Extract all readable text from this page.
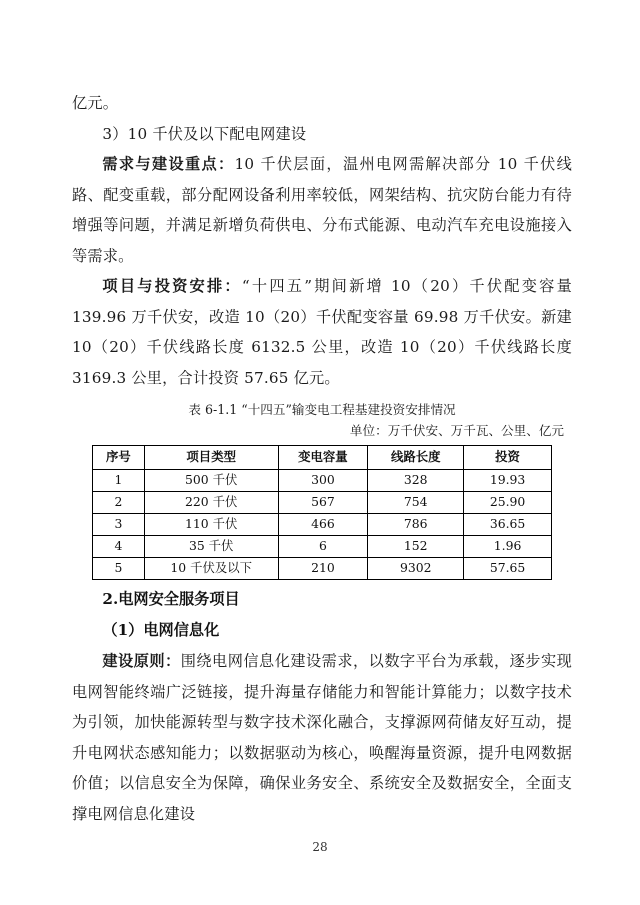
亿元。

3）10 千伏及以下配电网建设

需求与建设重点：10 千伏层面，温州电网需解决部分 10 千伏线路、配变重载，部分配网设备利用率较低，网架结构、抗灾防台能力有待增强等问题，并满足新增负荷供电、分布式能源、电动汽车充电设施接入等需求。

项目与投资安排：“十四五”期间新增 10（20）千伏配变容量 139.96 万千伏安，改造 10（20）千伏配变容量 69.98 万千伏安。新建 10（20）千伏线路长度 6132.5 公里，改造 10（20）千伏线路长度 3169.3 公里，合计投资 57.65 亿元。

表 6-1.1 “十四五”输变电工程基建投资安排情况
单位：万千伏安、万千瓦、公里、亿元
序号	项目类型	变电容量	线路长度	投资
1	500 千伏	300	328	19.93
2	220 千伏	567	754	25.90
3	110 千伏	466	786	36.65
4	35 千伏	6	152	1.96
5	10 千伏及以下	210	9302	57.65

2.电网安全服务项目

（1）电网信息化

建设原则：围绕电网信息化建设需求，以数字平台为承载，逐步实现电网智能终端广泛链接，提升海量存储能力和智能计算能力；以数字技术为引领，加快能源转型与数字技术深化融合，支撑源网荷储友好互动，提升电网状态感知能力；以数据驱动为核心，唤醒海量资源，提升电网数据价值；以信息安全为保障，确保业务安全、系统安全及数据安全，全面支撑电网信息化建设

28
